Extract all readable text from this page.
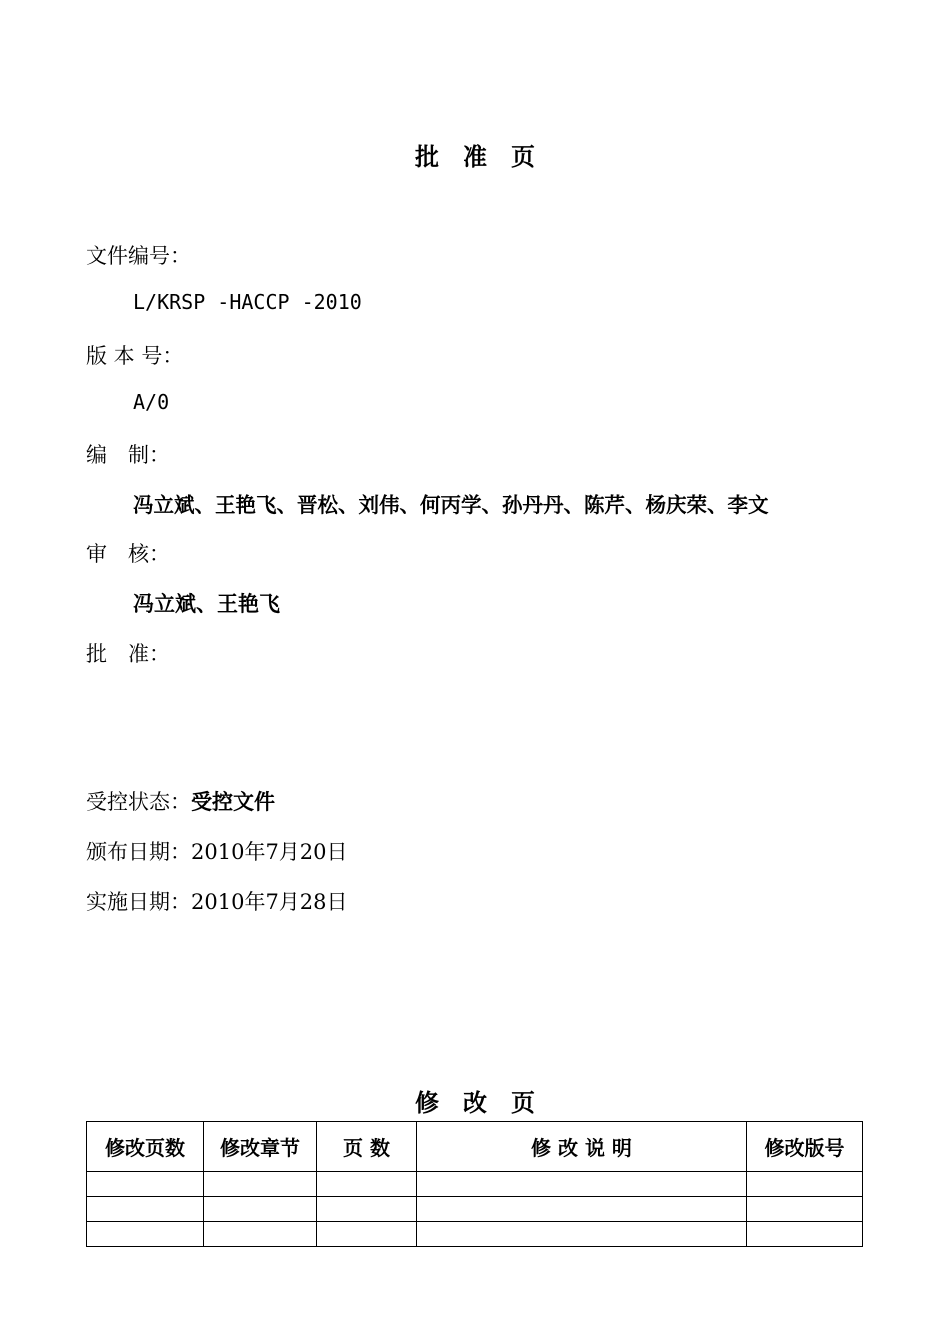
批　准　页
文件编号：
L/KRSP -HACCP -2010
版 本 号：
A/0
编　制：
冯立斌、王艳飞、晋松、刘伟、何丙学、孙丹丹、陈芹、杨庆荣、李文
审　核：
冯立斌、王艳飞
批　准：
受控状态：受控文件
颁布日期：2010年7月20日
实施日期：2010年7月28日
修　改　页
修改页数	修改章节	页 数	修 改 说 明	修改版号
